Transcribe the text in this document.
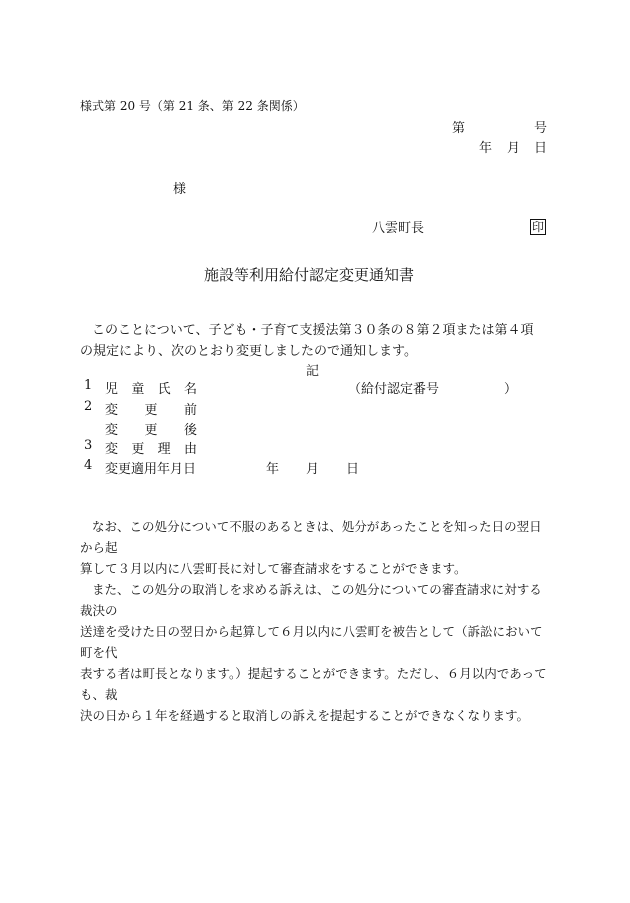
様式第 20 号（第 21 条、第 22 条関係）
第	号
年 月 日
様
八雲町長	印
施設等利用給付認定変更通知書
このことについて、子ども・子育て支援法第３０条の８第２項または第４項
の規定により、次のとおり変更しましたので通知します。
記
1 児童氏名	（給付認定番号　　　　　）
2 変更前
変更後
3 変更理由
4 変更適用年月日	年 月 日

なお、この処分について不服のあるときは、処分があったことを知った日の翌日から起

算して３月以内に八雲町長に対して審査請求をすることができます。

また、この処分の取消しを求める訴えは、この処分についての審査請求に対する裁決の

送達を受けた日の翌日から起算して６月以内に八雲町を被告として（訴訟において町を代
表する者は町長となります。）提起することができます。ただし、６月以内であっても、裁
決の日から１年を経過すると取消しの訴えを提起することができなくなります。
